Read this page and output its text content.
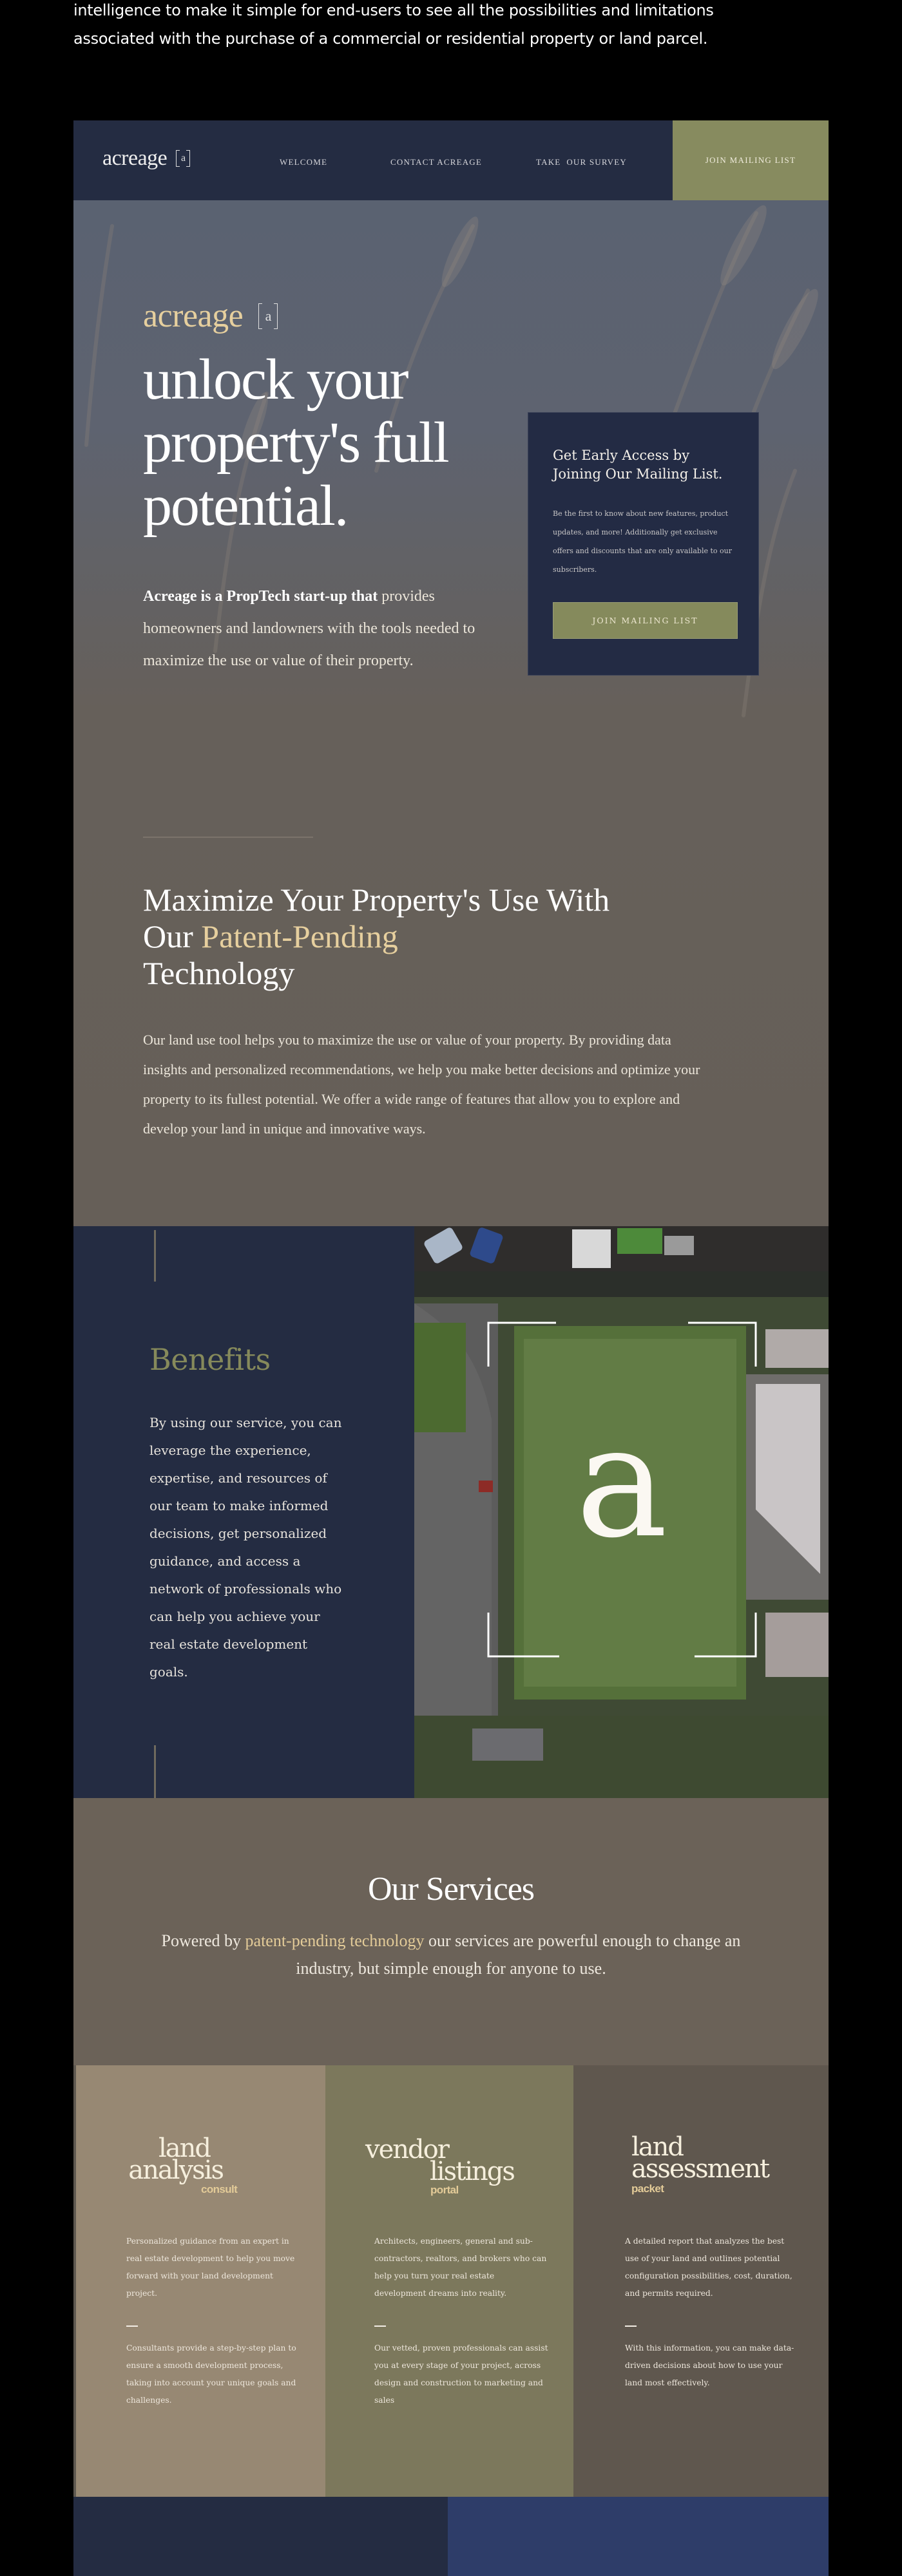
intelligence to make it simple for end-users to see all the possibilities and limitations
associated with the purchase of a commercial or residential property or land parcel.
acreage	a	WELCOME	CONTACT ACREAGE	TAKE  OUR SURVEY	JOIN MAILING LIST
acreage	a
unlock your property's full potential.

Acreage is a PropTech start-up that provides homeowners and landowners with the tools needed to maximize the use or value of their property.

Maximize Your Property's Use With Our Patent-Pending
Technology

Our land use tool helps you to maximize the use or value of your property. By providing data insights and personalized recommendations, we help you make better decisions and optimize your property to its fullest potential. We offer a wide range of features that allow you to explore and develop your land in unique and innovative ways.

Get Early Access by Joining Our Mailing List.

Be the first to know about new features, product updates, and more! Additionally get exclusive offers and discounts that are only available to our subscribers.

JOIN MAILING LIST
Benefits

By using our service, you can leverage the experience, expertise, and resources of our team to make informed decisions, get personalized guidance, and access a network of professionals who can help you achieve your real estate development goals.

a
Our Services

Powered by patent-pending technology our services are powerful enough to change an industry, but simple enough for anyone to use.

land
analysis
consult

Personalized guidance from an expert in real estate development to help you move forward with your land development project.

Consultants provide a step-by-step plan to ensure a smooth development process, taking into account your unique goals and challenges.

vendor
listings
portal

Architects, engineers, general and sub-contractors, realtors, and brokers who can help you turn your real estate development dreams into reality.

Our vetted, proven professionals can assist you at every stage of your project, across design and construction to marketing and sales

land
assessment
packet

A detailed report that analyzes the best use of your land and outlines potential configuration possibilities, cost, duration, and permits required.

With this information, you can make data-driven decisions about how to use your land most effectively.
